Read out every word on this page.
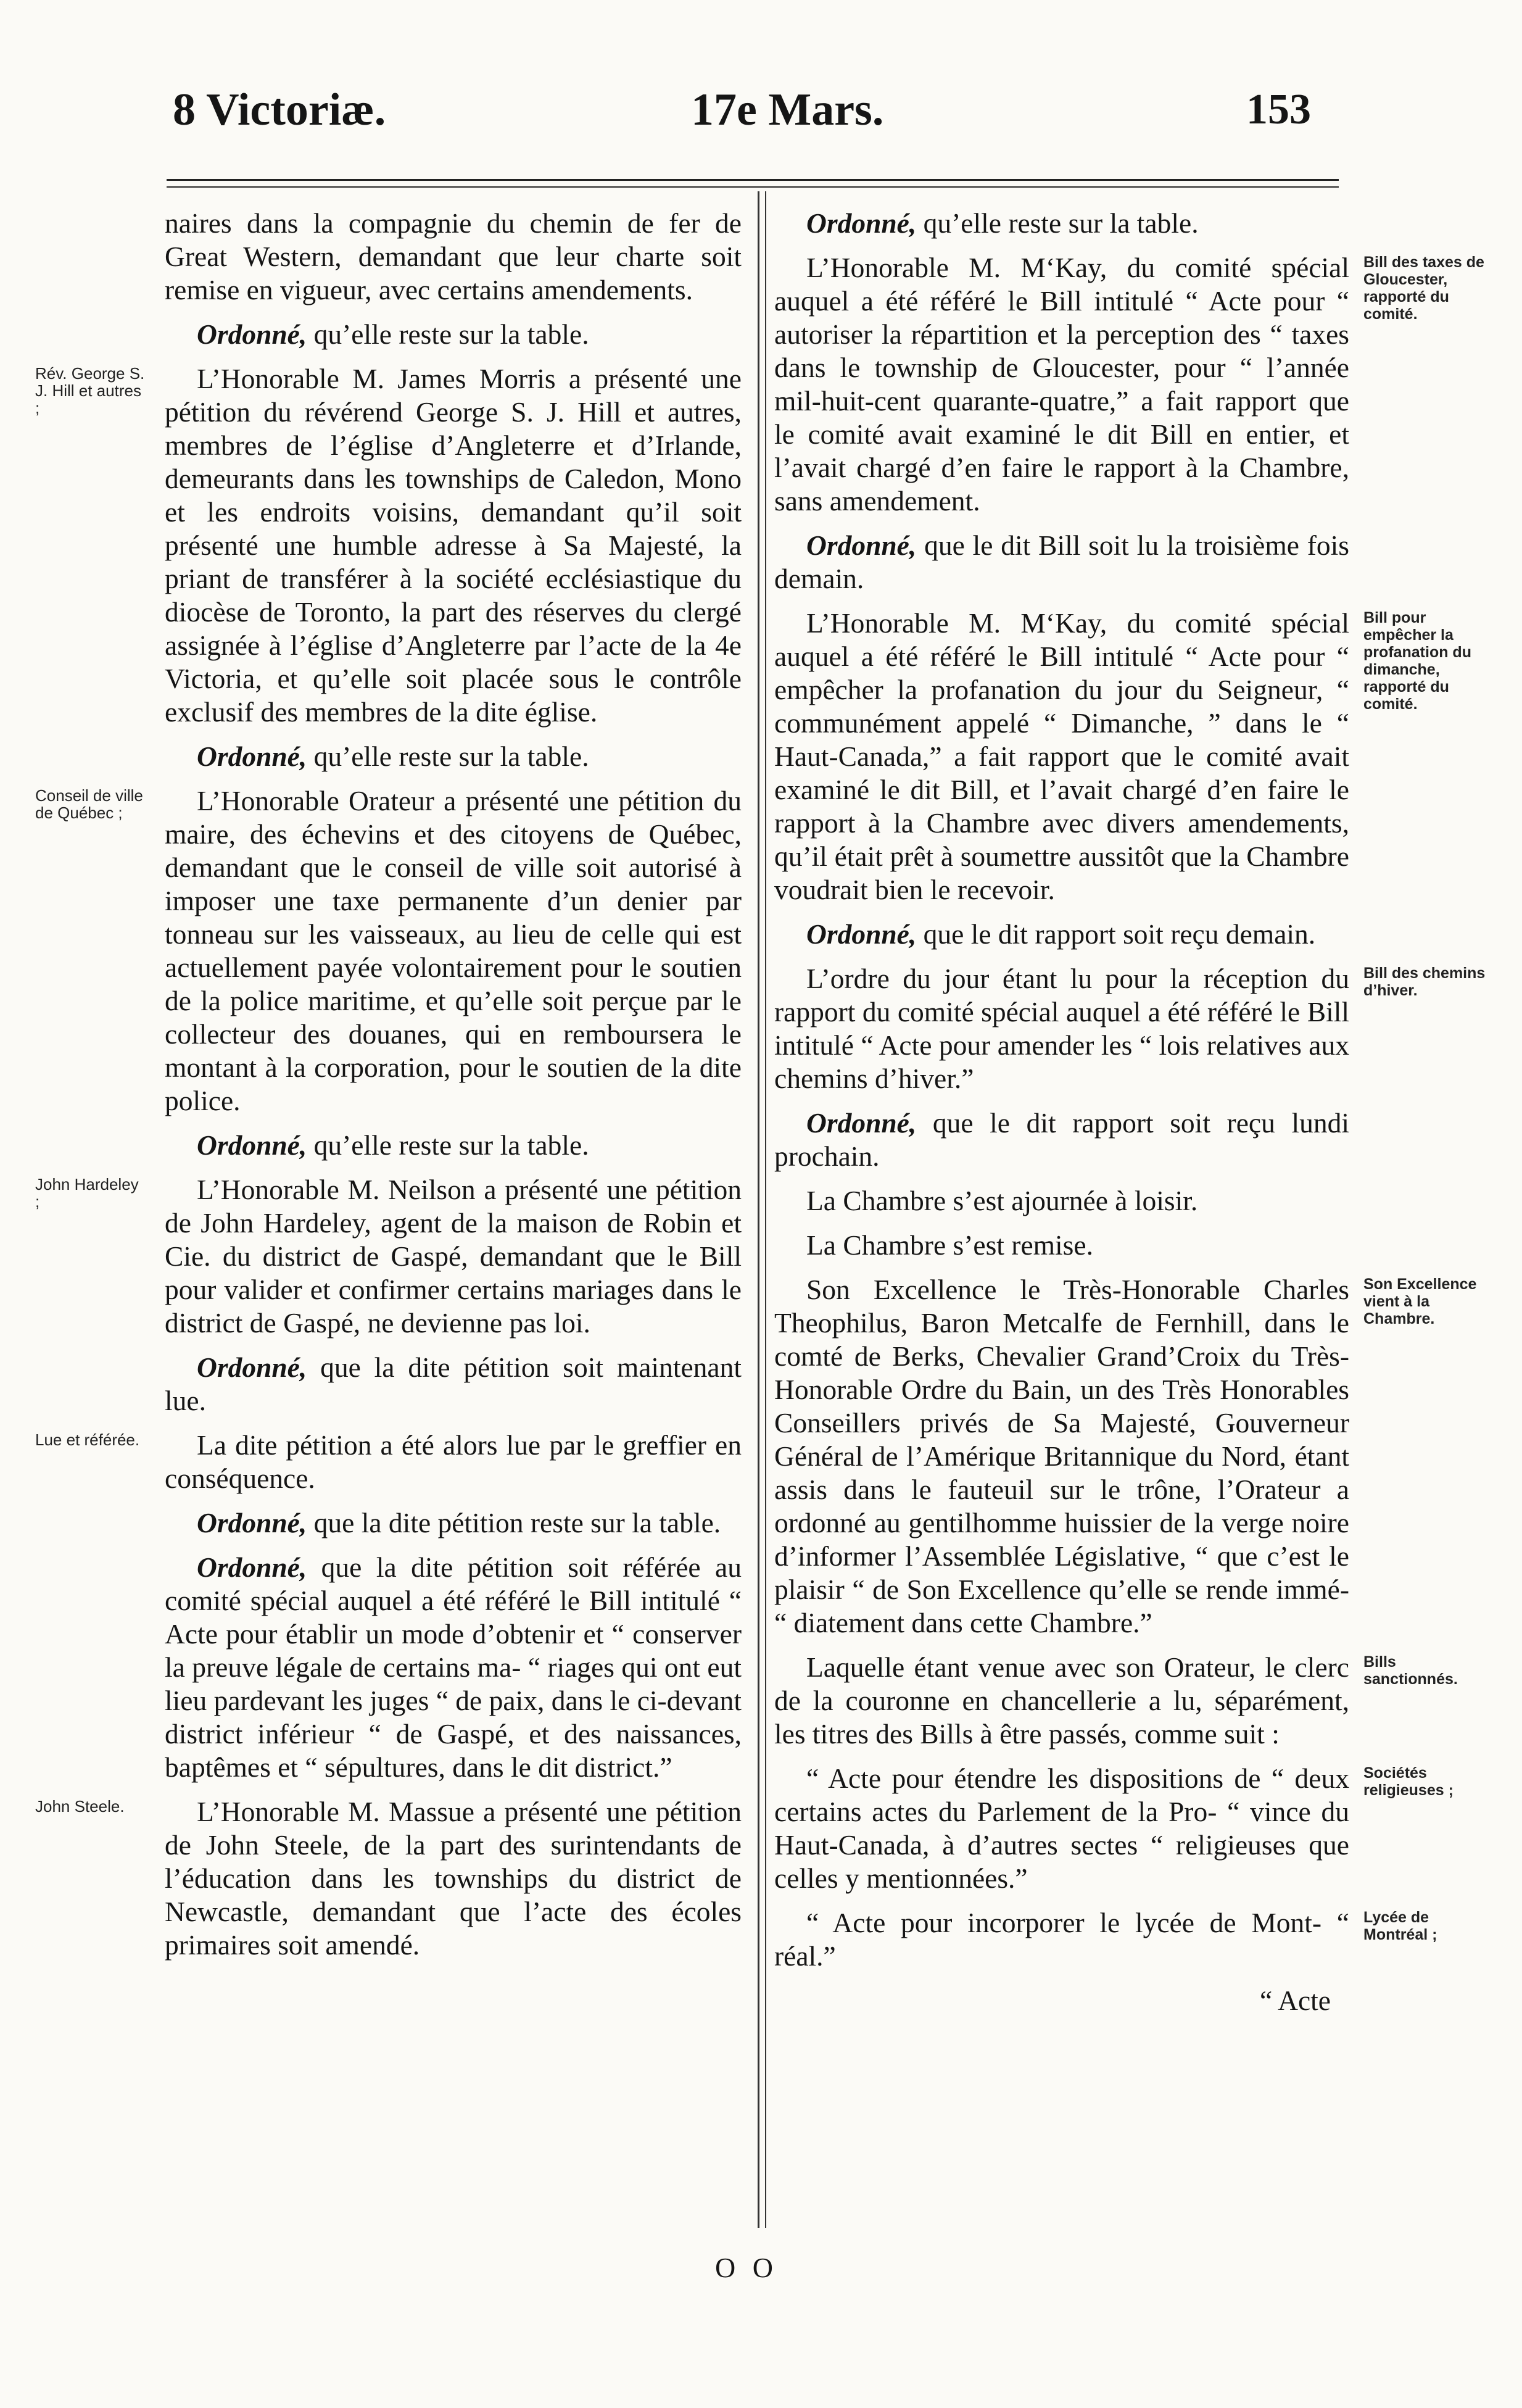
8 Victoriæ.	17e Mars.	153

naires dans la compagnie du chemin de fer de Great Western, demandant que leur charte soit remise en vigueur, avec certains amendements.

Ordonné, qu’elle reste sur la table.

L’Honorable M. James Morris a présenté une pétition du révérend George S. J. Hill et autres, membres de l’église d’Angleterre et d’Irlande, demeurants dans les townships de Caledon, Mono et les endroits voisins, demandant qu’il soit présenté une humble adresse à Sa Majesté, la priant de transférer à la société ecclésiastique du diocèse de Toronto, la part des réserves du clergé assignée à l’église d’Angleterre par l’acte de la 4e Victoria, et qu’elle soit placée sous le contrôle exclusif des membres de la dite église.
Rév. George S. J. Hill et autres ;

Ordonné, qu’elle reste sur la table.

L’Honorable Orateur a présenté une pétition du maire, des échevins et des citoyens de Québec, demandant que le conseil de ville soit autorisé à imposer une taxe permanente d’un denier par tonneau sur les vaisseaux, au lieu de celle qui est actuellement payée volontairement pour le soutien de la police maritime, et qu’elle soit perçue par le collecteur des douanes, qui en remboursera le montant à la corporation, pour le soutien de la dite police.
Conseil de ville de Québec ;

Ordonné, qu’elle reste sur la table.

L’Honorable M. Neilson a présenté une pétition de John Hardeley, agent de la maison de Robin et Cie. du district de Gaspé, demandant que le Bill pour valider et confirmer certains mariages dans le district de Gaspé, ne devienne pas loi.
John Hardeley ;

Ordonné, que la dite pétition soit maintenant lue.

La dite pétition a été alors lue par le greffier en conséquence.
Lue et référée.

Ordonné, que la dite pétition reste sur la table.

Ordonné, que la dite pétition soit référée au comité spécial auquel a été référé le Bill intitulé “ Acte pour établir un mode d’obtenir et “ conserver la preuve légale de certains ma- “ riages qui ont eut lieu pardevant les juges “ de paix, dans le ci-devant district inférieur “ de Gaspé, et des naissances, baptêmes et “ sépultures, dans le dit district.”

L’Honorable M. Massue a présenté une pétition de John Steele, de la part des surintendants de l’éducation dans les townships du district de Newcastle, demandant que l’acte des écoles primaires soit amendé.
John Steele.

Ordonné, qu’elle reste sur la table.

L’Honorable M. M‘Kay, du comité spécial auquel a été référé le Bill intitulé “ Acte pour “ autoriser la répartition et la perception des “ taxes dans le township de Gloucester, pour “ l’année mil-huit-cent quarante-quatre,” a fait rapport que le comité avait examiné le dit Bill en entier, et l’avait chargé d’en faire le rapport à la Chambre, sans amendement.
Bill des taxes de Gloucester, rapporté du comité.

Ordonné, que le dit Bill soit lu la troisième fois demain.

L’Honorable M. M‘Kay, du comité spécial auquel a été référé le Bill intitulé “ Acte pour “ empêcher la profanation du jour du Seigneur, “ communément appelé “ Dimanche, ” dans le “ Haut-Canada,” a fait rapport que le comité avait examiné le dit Bill, et l’avait chargé d’en faire le rapport à la Chambre avec divers amendements, qu’il était prêt à soumettre aussitôt que la Chambre voudrait bien le recevoir.
Bill pour empêcher la profanation du dimanche, rapporté du comité.

Ordonné, que le dit rapport soit reçu demain.

L’ordre du jour étant lu pour la réception du rapport du comité spécial auquel a été référé le Bill intitulé “ Acte pour amender les “ lois relatives aux chemins d’hiver.”
Bill des chemins d’hiver.

Ordonné, que le dit rapport soit reçu lundi prochain.

La Chambre s’est ajournée à loisir.

La Chambre s’est remise.

Son Excellence le Très-Honorable Charles Theophilus, Baron Metcalfe de Fernhill, dans le comté de Berks, Chevalier Grand’Croix du Très-Honorable Ordre du Bain, un des Très Honorables Conseillers privés de Sa Majesté, Gouverneur Général de l’Amérique Britannique du Nord, étant assis dans le fauteuil sur le trône, l’Orateur a ordonné au gentilhomme huissier de la verge noire d’informer l’Assemblée Législative, “ que c’est le plaisir “ de Son Excellence qu’elle se rende immé- “ diatement dans cette Chambre.”
Son Excellence vient à la Chambre.

Laquelle étant venue avec son Orateur, le clerc de la couronne en chancellerie a lu, séparément, les titres des Bills à être passés, comme suit :
Bills sanctionnés.

“ Acte pour étendre les dispositions de “ deux certains actes du Parlement de la Pro- “ vince du Haut-Canada, à d’autres sectes “ religieuses que celles y mentionnées.”
Sociétés religieuses ;

“ Acte pour incorporer le lycée de Mont- “ réal.”
Lycée de Montréal ;

“ Acte

O O
